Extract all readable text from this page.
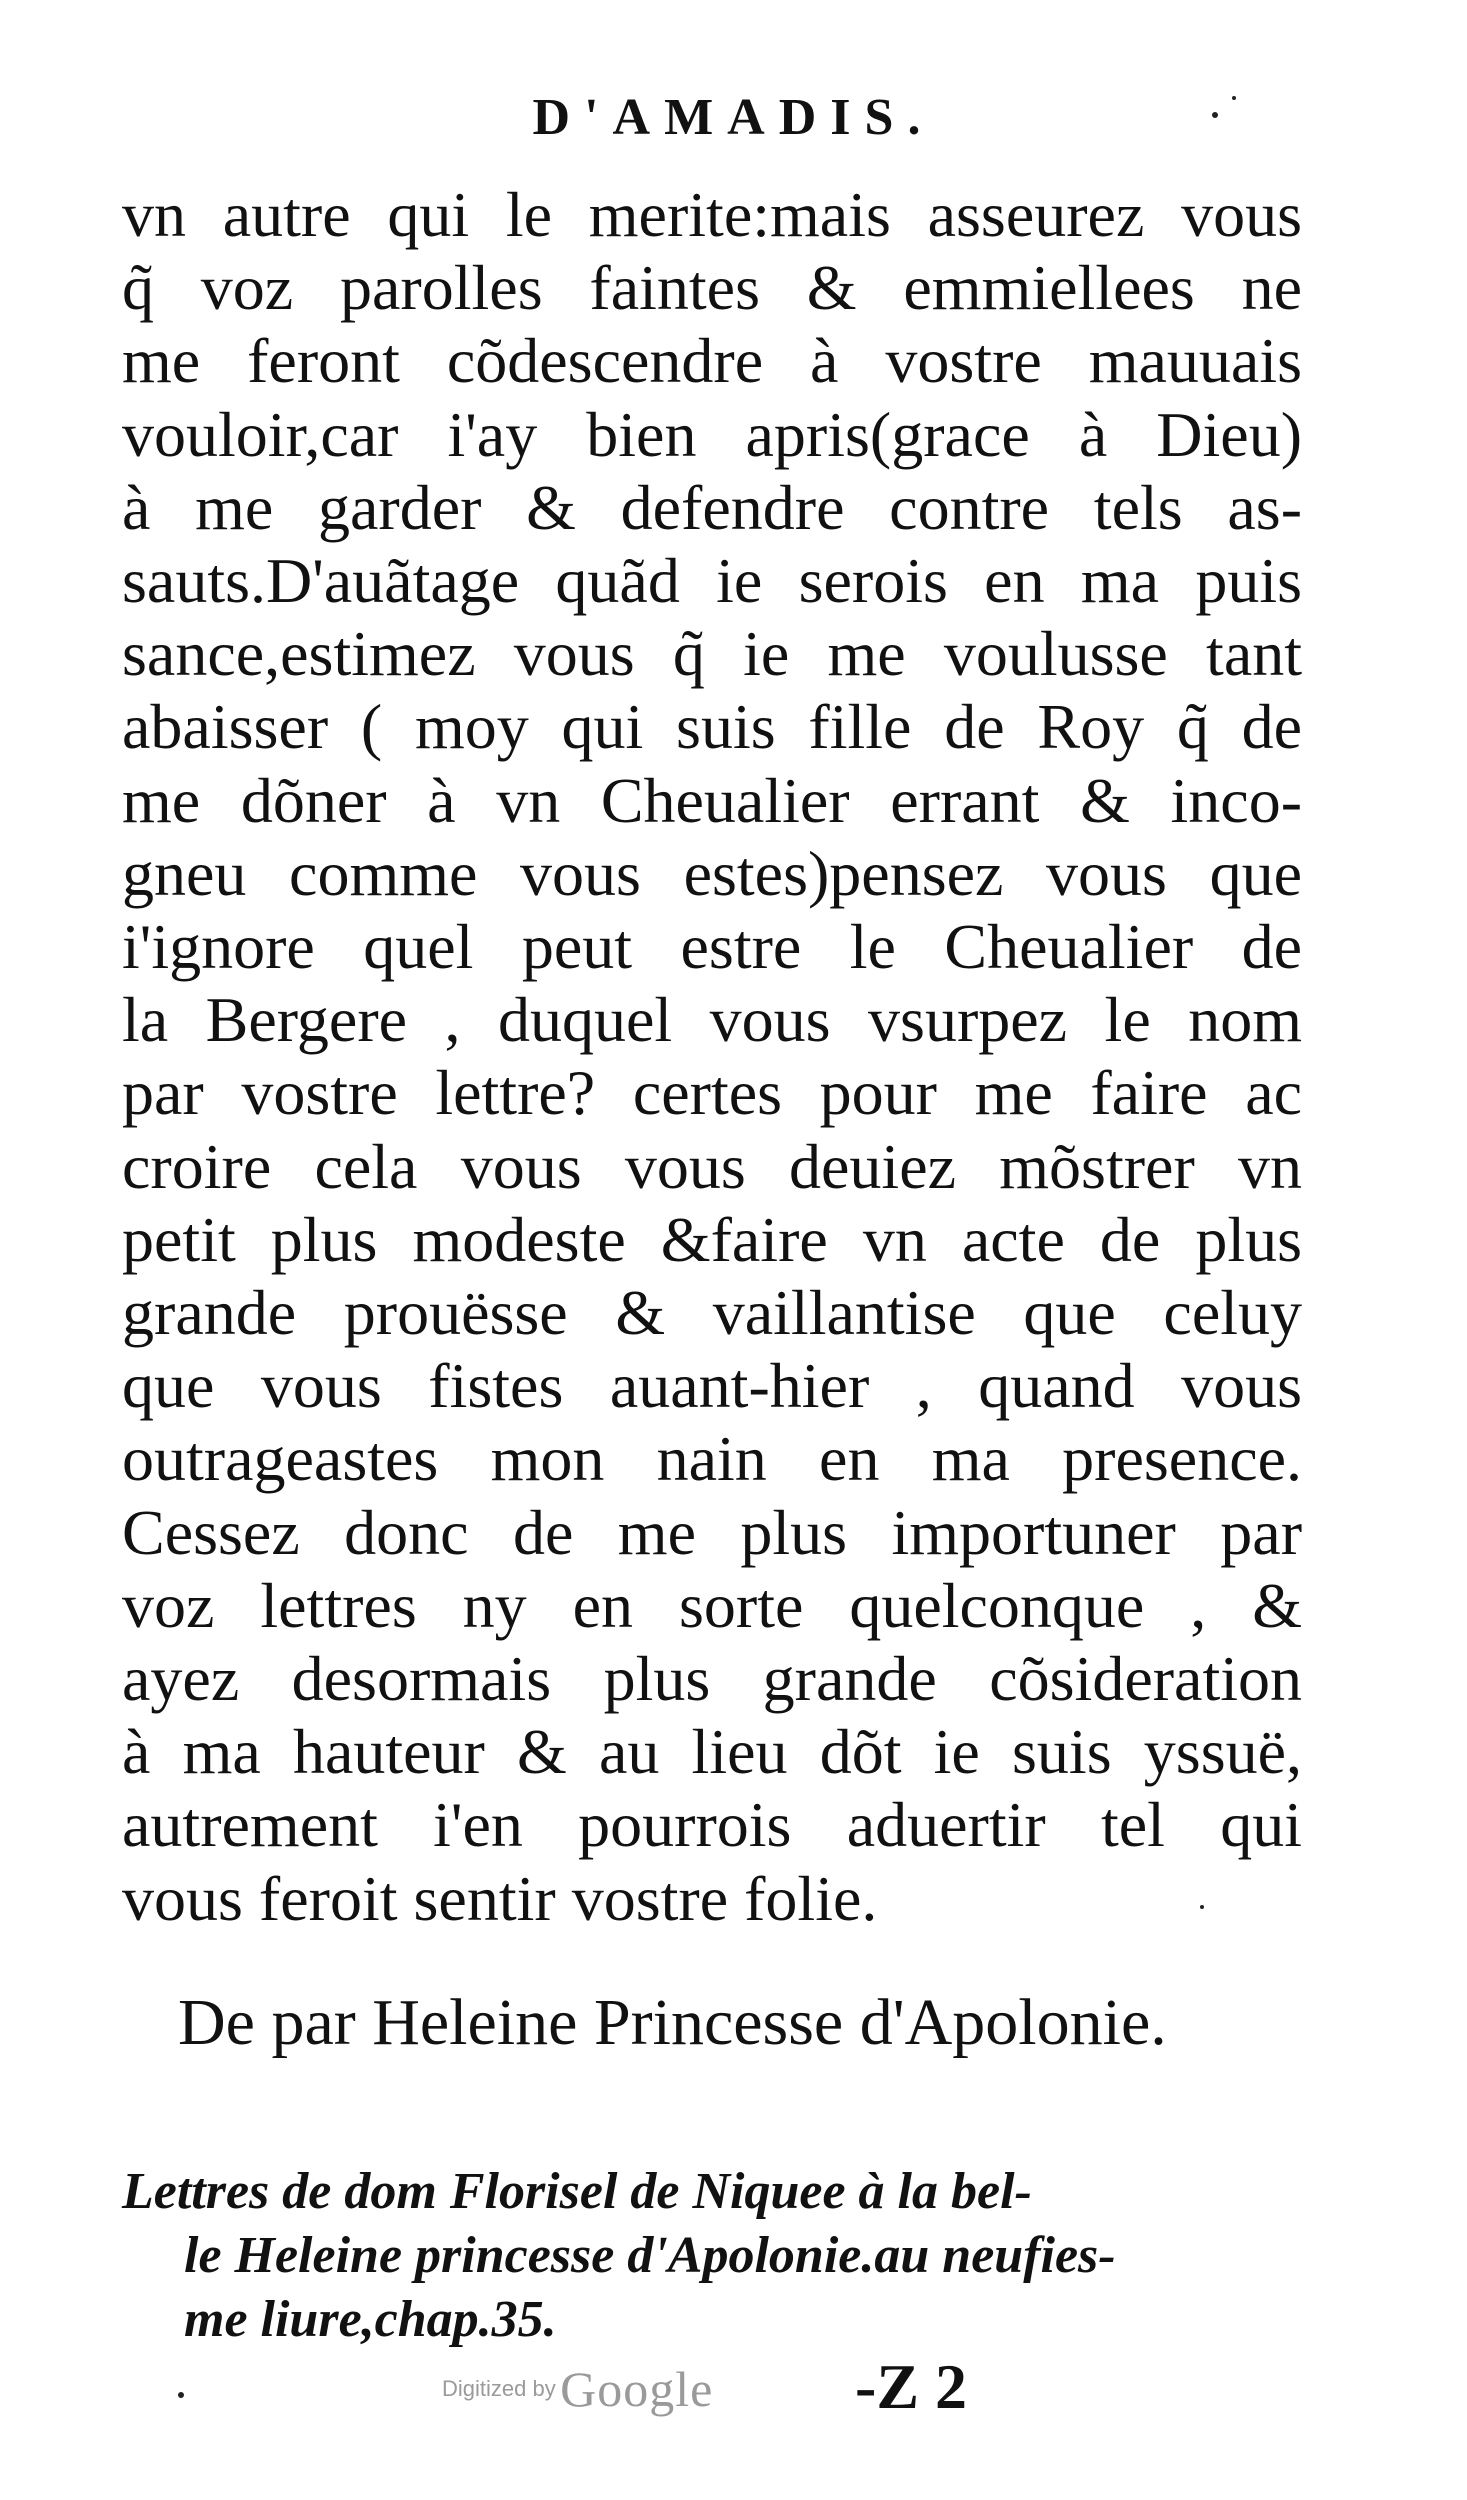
D'AMADIS.
vn autre qui le merite:mais asseurez vous
q̃ voz parolles faintes & emmiellees ne
me feront cõdescendre à vostre mauuais
vouloir,car i'ay bien apris(grace à Dieu)
à me garder & defendre contre tels as-
sauts.D'auãtage quãd ie serois en ma puis
sance,estimez vous q̃ ie me voulusse tant
abaisser ( moy qui suis fille de Roy q̃ de
me dõner à vn Cheualier errant & inco-
gneu comme vous estes)pensez vous que
i'ignore quel peut estre le Cheualier de
la Bergere , duquel vous vsurpez le nom
par vostre lettre? certes pour me faire ac
croire cela vous vous deuiez mõstrer vn
petit plus modeste &faire vn acte de plus
grande prouësse & vaillantise que celuy
que vous fistes auant-hier , quand vous
outrageastes mon nain en ma presence.
Cessez donc de me plus importuner par
voz lettres ny en sorte quelconque , &
ayez desormais plus grande cõsideration
à ma hauteur & au lieu dõt ie suis yssuë,
autrement i'en pourrois aduertir tel qui
vous feroit sentir vostre folie.
De par Heleine Princesse d'Apolonie.
Lettres de dom Florisel de Niquee à la bel-
le Heleine princesse d'Apolonie.au neufies-
me liure,chap.35.
Digitized by Google -Z 2
